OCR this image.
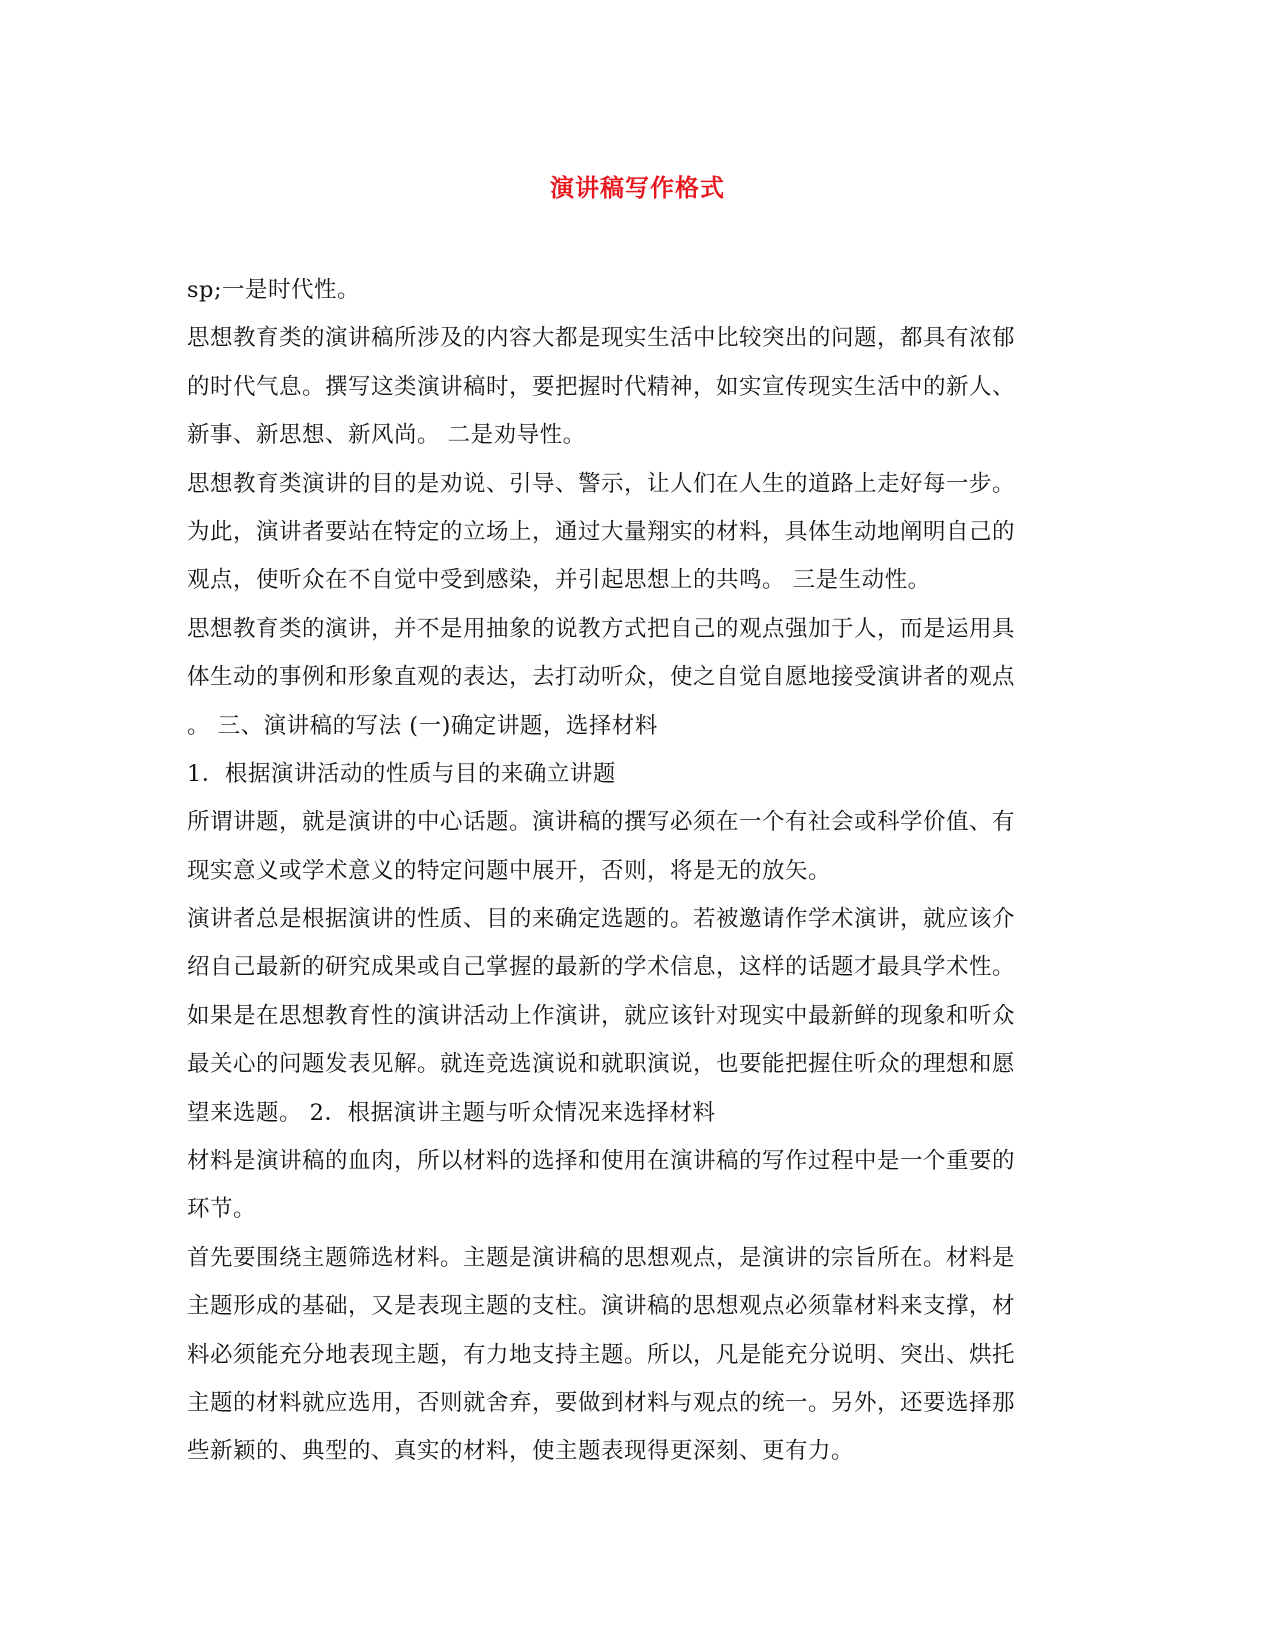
演讲稿写作格式
sp;一是时代性。
思想教育类的演讲稿所涉及的内容大都是现实生活中比较突出的问题，都具有浓郁
的时代气息。撰写这类演讲稿时，要把握时代精神，如实宣传现实生活中的新人、
新事、新思想、新风尚。 二是劝导性。
思想教育类演讲的目的是劝说、引导、警示，让人们在人生的道路上走好每一步。
为此，演讲者要站在特定的立场上，通过大量翔实的材料，具体生动地阐明自己的
观点，使听众在不自觉中受到感染，并引起思想上的共鸣。 三是生动性。
思想教育类的演讲，并不是用抽象的说教方式把自己的观点强加于人，而是运用具
体生动的事例和形象直观的表达，去打动听众，使之自觉自愿地接受演讲者的观点
。 三、演讲稿的写法 (一)确定讲题，选择材料
1．根据演讲活动的性质与目的来确立讲题
所谓讲题，就是演讲的中心话题。演讲稿的撰写必须在一个有社会或科学价值、有
现实意义或学术意义的特定问题中展开，否则，将是无的放矢。
演讲者总是根据演讲的性质、目的来确定选题的。若被邀请作学术演讲，就应该介
绍自己最新的研究成果或自己掌握的最新的学术信息，这样的话题才最具学术性。
如果是在思想教育性的演讲活动上作演讲，就应该针对现实中最新鲜的现象和听众
最关心的问题发表见解。就连竞选演说和就职演说，也要能把握住听众的理想和愿
望来选题。 2．根据演讲主题与听众情况来选择材料
材料是演讲稿的血肉，所以材料的选择和使用在演讲稿的写作过程中是一个重要的
环节。
首先要围绕主题筛选材料。主题是演讲稿的思想观点，是演讲的宗旨所在。材料是
主题形成的基础，又是表现主题的支柱。演讲稿的思想观点必须靠材料来支撑，材
料必须能充分地表现主题，有力地支持主题。所以，凡是能充分说明、突出、烘托
主题的材料就应选用，否则就舍弃，要做到材料与观点的统一。另外，还要选择那
些新颖的、典型的、真实的材料，使主题表现得更深刻、更有力。
